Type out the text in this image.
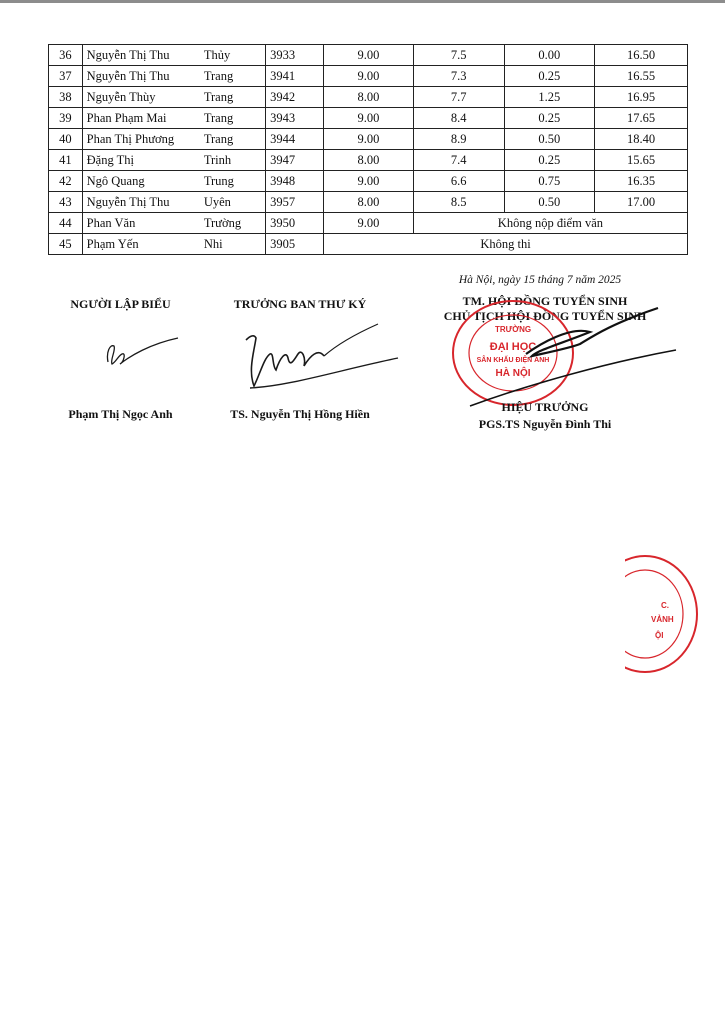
36	Nguyễn Thị Thu	Thủy	3933	9.00	7.5	0.00	16.50
37	Nguyễn Thị Thu	Trang	3941	9.00	7.3	0.25	16.55
38	Nguyễn Thùy	Trang	3942	8.00	7.7	1.25	16.95
39	Phan Phạm Mai	Trang	3943	9.00	8.4	0.25	17.65
40	Phan Thị Phương	Trang	3944	9.00	8.9	0.50	18.40
41	Đặng Thị	Trinh	3947	8.00	7.4	0.25	15.65
42	Ngô Quang	Trung	3948	9.00	6.6	0.75	16.35
43	Nguyễn Thị Thu	Uyên	3957	8.00	8.5	0.50	17.00
44	Phan Văn	Trường	3950	9.00	Không nộp điểm văn		
45	Phạm Yến	Nhi	3905	Không thi			
Hà Nội, ngày 15 tháng 7 năm 2025
NGƯỜI LẬP BIỂU
Phạm Thị Ngọc Anh
TRƯỞNG BAN THƯ KÝ
TS. Nguyễn Thị Hồng Hiền
TM. HỘI ĐỒNG TUYỂN SINH
CHỦ TỊCH HỘI ĐỒNG TUYỂN SINH
TRƯỜNG
ĐẠI HỌC
SÂN KHẤU ĐIỆN ẢNH
HÀ NỘI
HIỆU TRƯỞNG
PGS.TS Nguyễn Đình Thi
C.
VẢNH
ỘI
